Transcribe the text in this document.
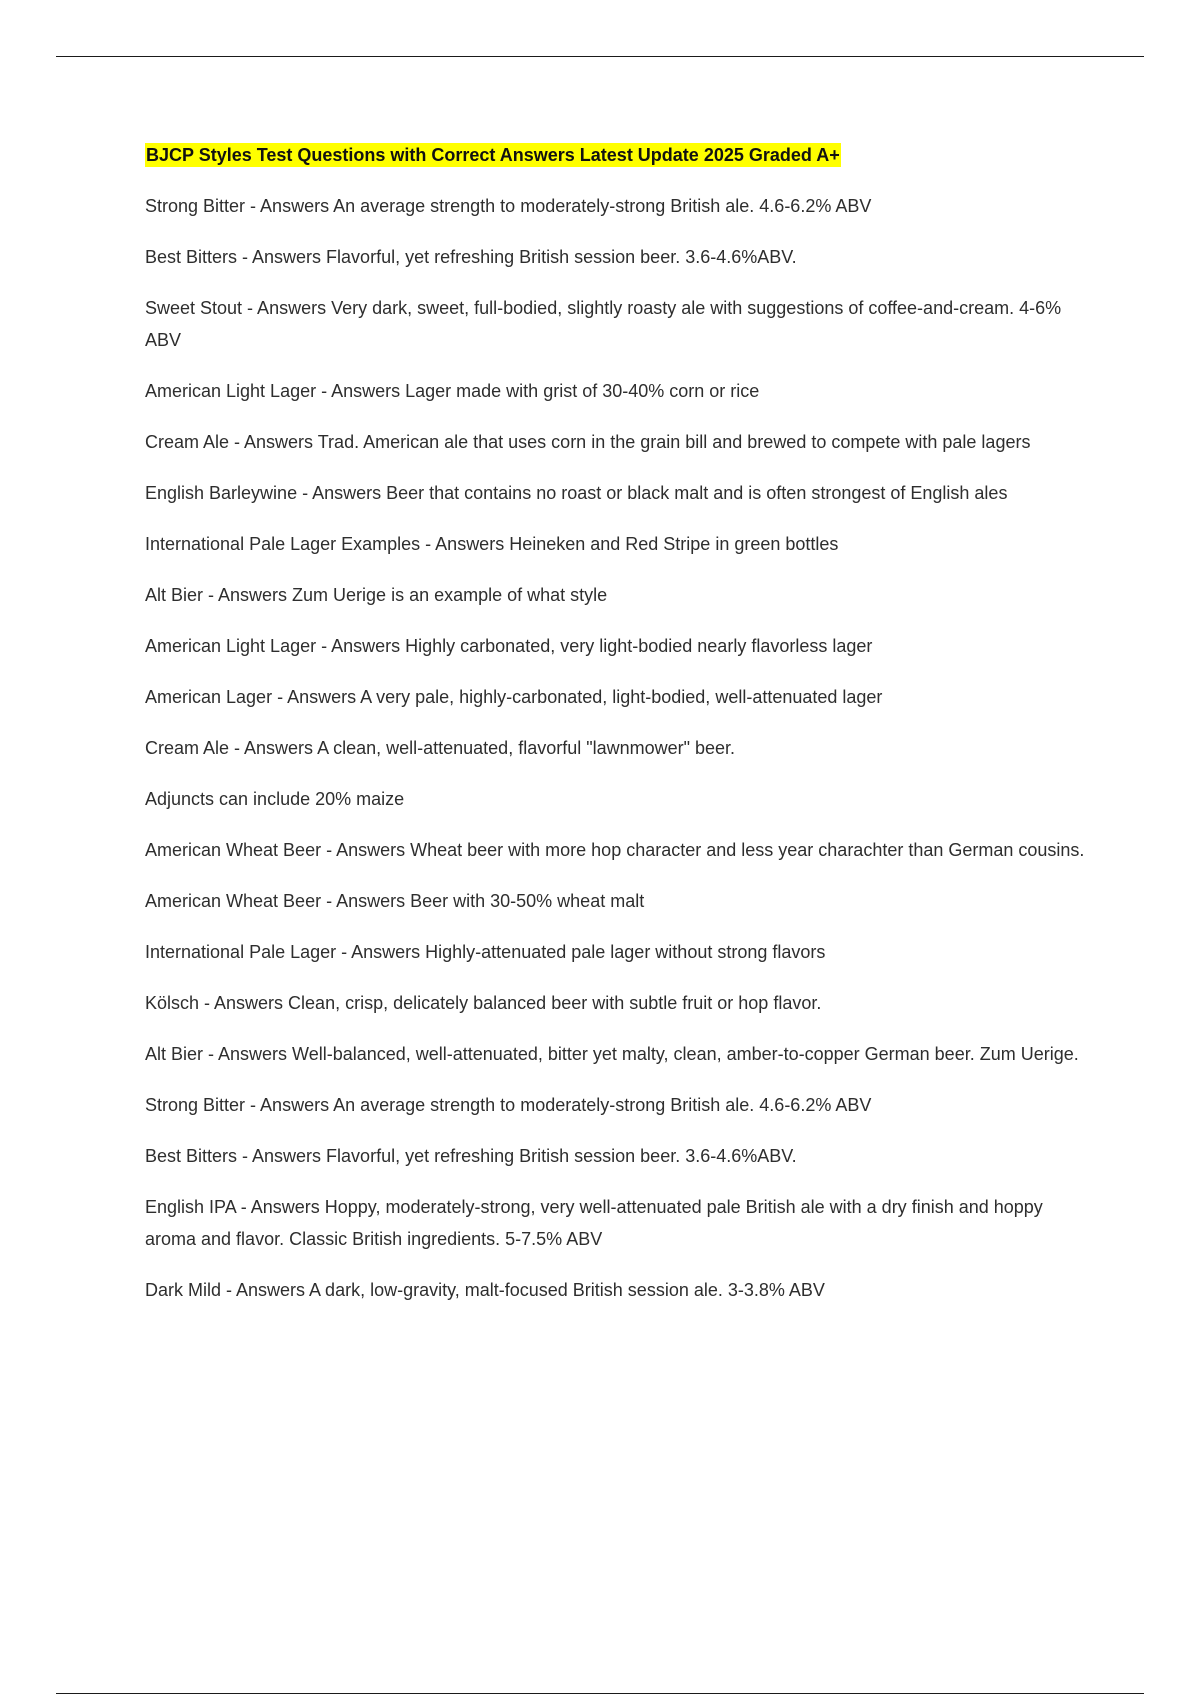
BJCP Styles Test Questions with Correct Answers Latest Update 2025 Graded A+

Strong Bitter - Answers An average strength to moderately-strong British ale. 4.6-6.2% ABV

Best Bitters - Answers Flavorful, yet refreshing British session beer. 3.6-4.6%ABV.

Sweet Stout - Answers Very dark, sweet, full-bodied, slightly roasty ale with suggestions of coffee-and-cream. 4-6% ABV

American Light Lager - Answers Lager made with grist of 30-40% corn or rice

Cream Ale - Answers Trad. American ale that uses corn in the grain bill and brewed to compete with pale lagers

English Barleywine - Answers Beer that contains no roast or black malt and is often strongest of English ales

International Pale Lager Examples - Answers Heineken and Red Stripe in green bottles

Alt Bier - Answers Zum Uerige is an example of what style

American Light Lager - Answers Highly carbonated, very light-bodied nearly flavorless lager

American Lager - Answers A very pale, highly-carbonated, light-bodied, well-attenuated lager

Cream Ale - Answers A clean, well-attenuated, flavorful "lawnmower" beer.

Adjuncts can include 20% maize

American Wheat Beer - Answers Wheat beer with more hop character and less year charachter than German cousins.

American Wheat Beer - Answers Beer with 30-50% wheat malt

International Pale Lager - Answers Highly-attenuated pale lager without strong flavors

Kölsch - Answers Clean, crisp, delicately balanced beer with subtle fruit or hop flavor.

Alt Bier - Answers Well-balanced, well-attenuated, bitter yet malty, clean, amber-to-copper German beer. Zum Uerige.

Strong Bitter - Answers An average strength to moderately-strong British ale. 4.6-6.2% ABV

Best Bitters - Answers Flavorful, yet refreshing British session beer. 3.6-4.6%ABV.

English IPA - Answers Hoppy, moderately-strong, very well-attenuated pale British ale with a dry finish and hoppy aroma and flavor. Classic British ingredients. 5-7.5% ABV

Dark Mild - Answers A dark, low-gravity, malt-focused British session ale. 3-3.8% ABV
